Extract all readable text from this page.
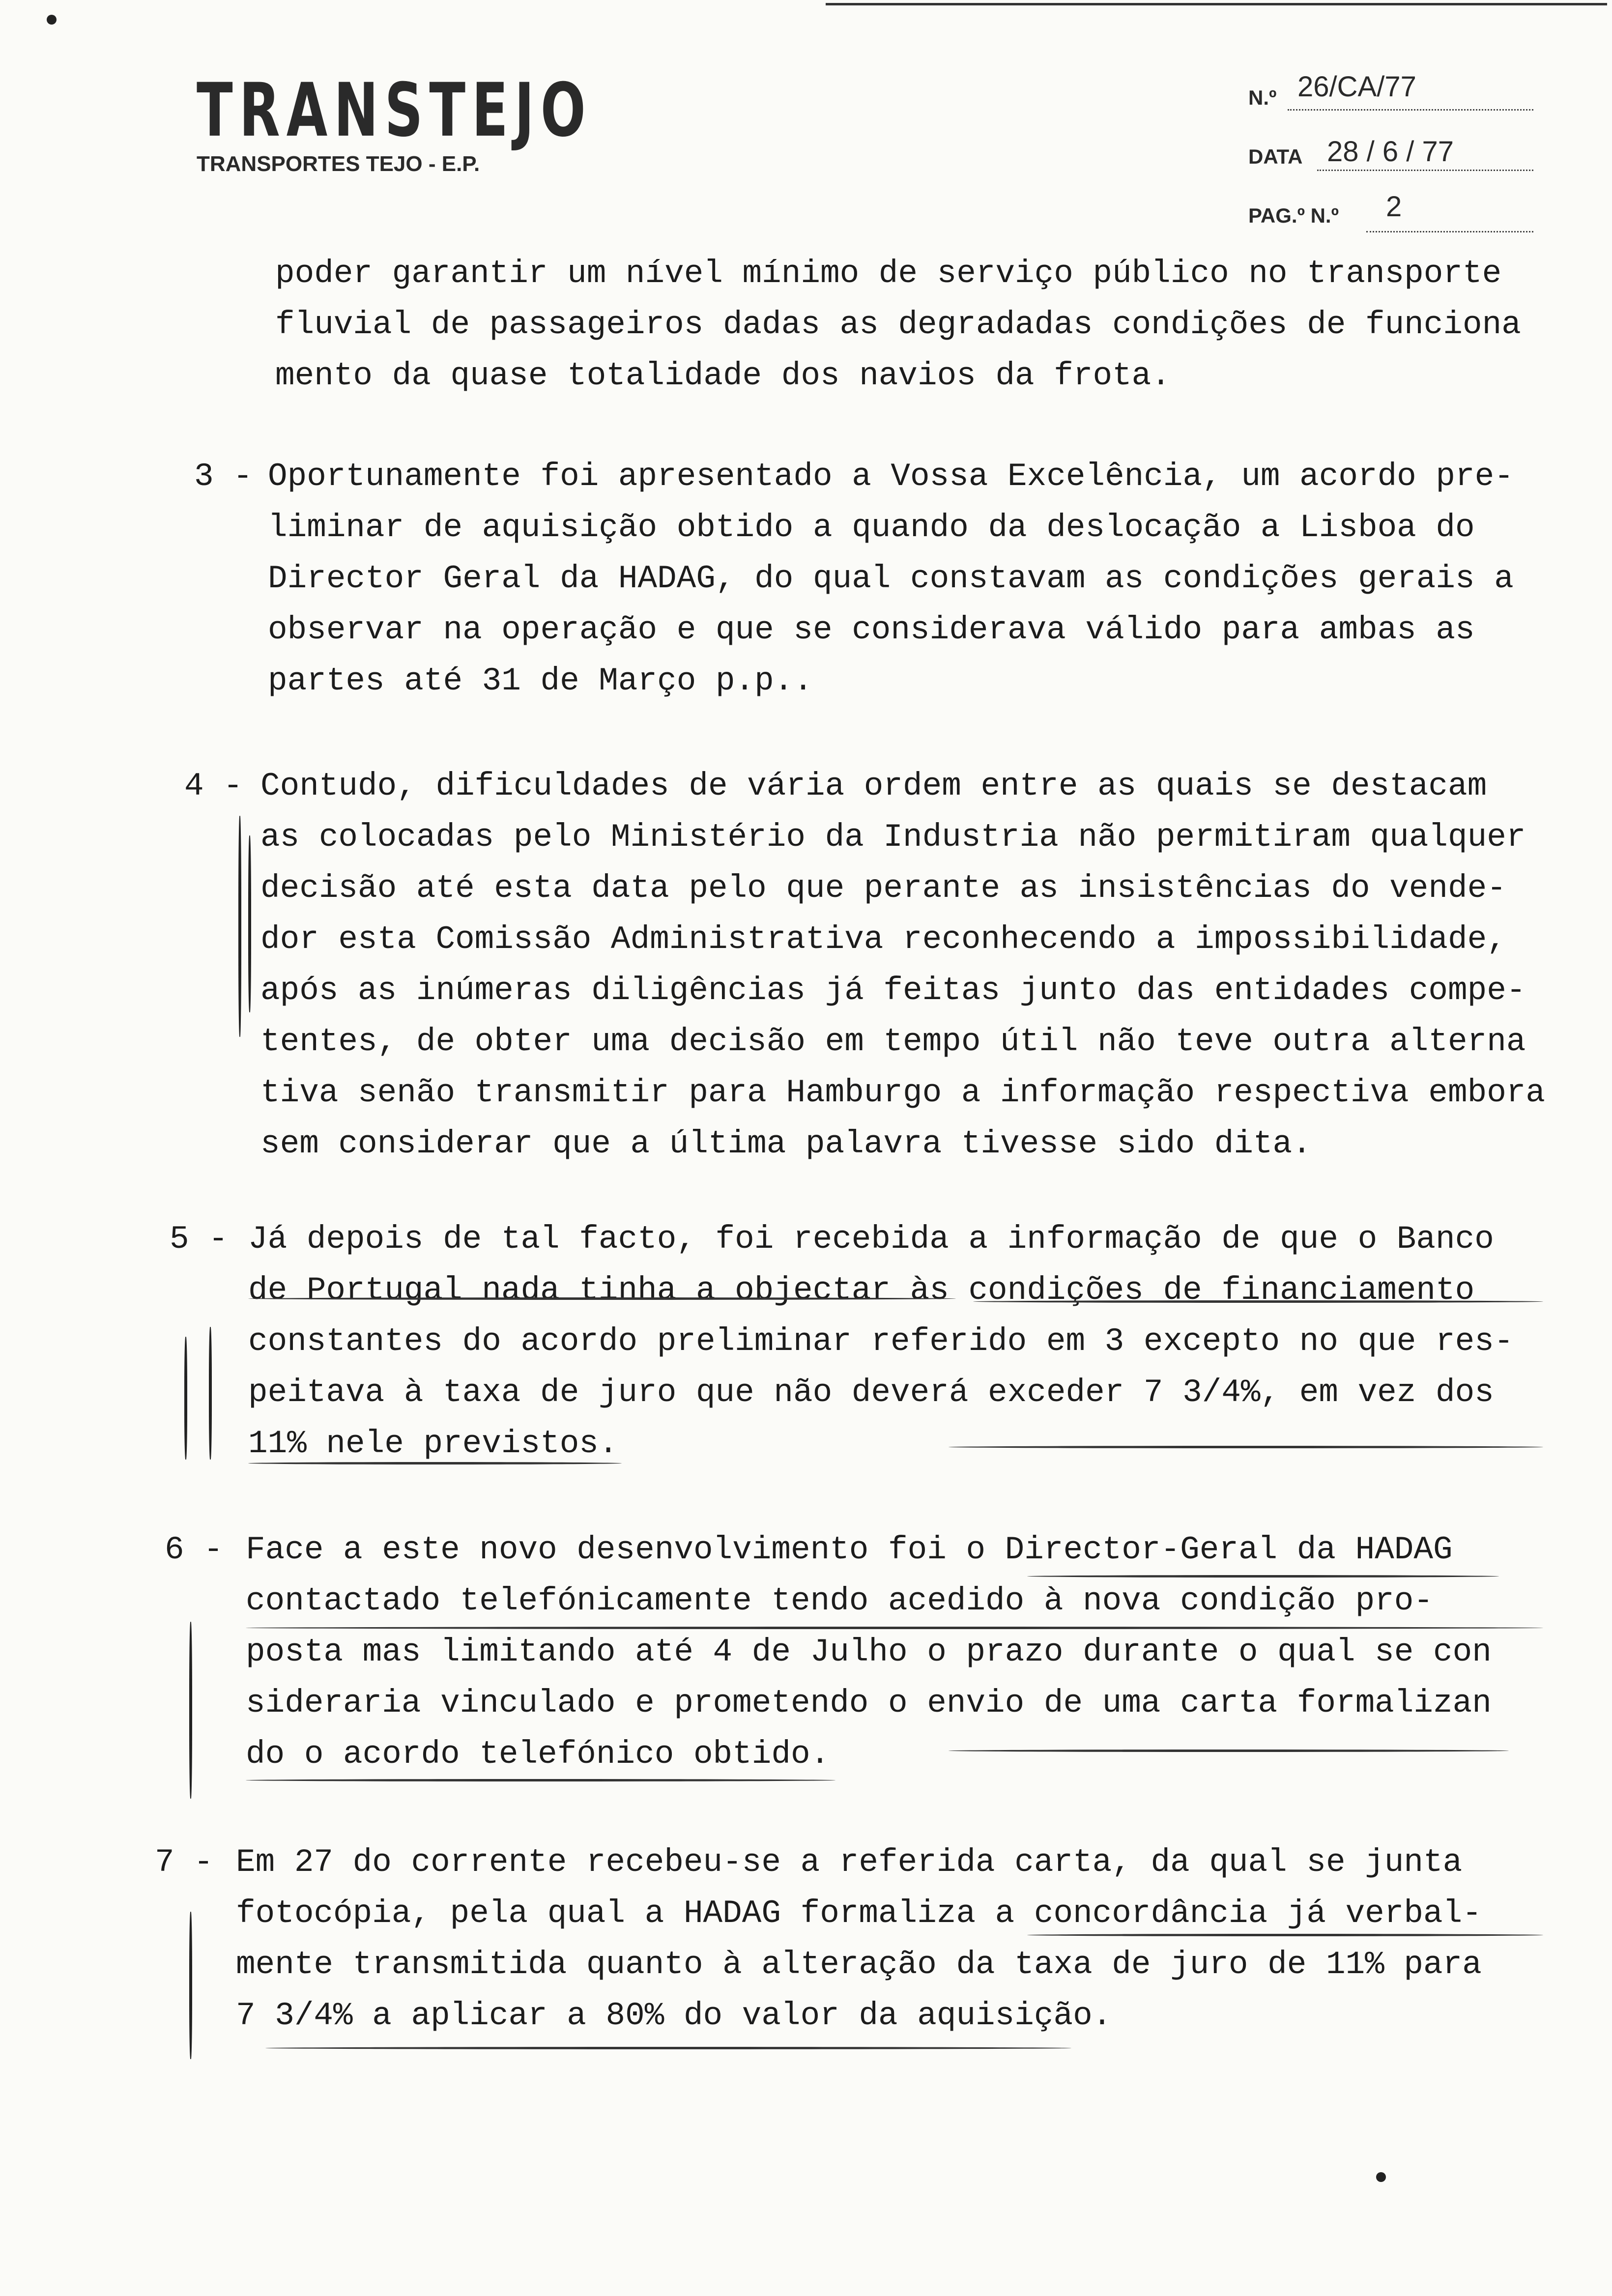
TRANSTEJO
TRANSPORTES TEJO - E.P.
N.º 26/CA/77
DATA 28 / 6 / 77
PAG.º N.º 2
poder garantir um nível mínimo de serviço público no transporte
fluvial de passageiros dadas as degradadas condições de funciona
mento da quase totalidade dos navios da frota.
3 - Oportunamente foi apresentado a Vossa Excelência, um acordo pre-
liminar de aquisição obtido a quando da deslocação a Lisboa do
Director Geral da HADAG, do qual constavam as condições gerais a
observar na operação e que se considerava válido para ambas as
partes até 31 de Março p.p..
4 - Contudo, dificuldades de vária ordem entre as quais se destacam
as colocadas pelo Ministério da Industria não permitiram qualquer
decisão até esta data pelo que perante as insistências do vende-
dor esta Comissão Administrativa reconhecendo a impossibilidade,
após as inúmeras diligências já feitas junto das entidades compe-
tentes, de obter uma decisão em tempo útil não teve outra alterna
tiva senão transmitir para Hamburgo a informação respectiva embora
sem considerar que a última palavra tivesse sido dita.
5 - Já depois de tal facto, foi recebida a informação de que o Banco
de Portugal nada tinha a objectar às condições de financiamento
constantes do acordo preliminar referido em 3 excepto no que res-
peitava à taxa de juro que não deverá exceder 7 3/4%, em vez dos
11% nele previstos.
6 - Face a este novo desenvolvimento foi o Director-Geral da HADAG
contactado telefónicamente tendo acedido à nova condição pro-
posta mas limitando até 4 de Julho o prazo durante o qual se con
sideraria vinculado e prometendo o envio de uma carta formalizan
do o acordo telefónico obtido.
7 - Em 27 do corrente recebeu-se a referida carta, da qual se junta
fotocópia, pela qual a HADAG formaliza a concordância já verbal-
mente transmitida quanto à alteração da taxa de juro de 11% para
7 3/4% a aplicar a 80% do valor da aquisição.
